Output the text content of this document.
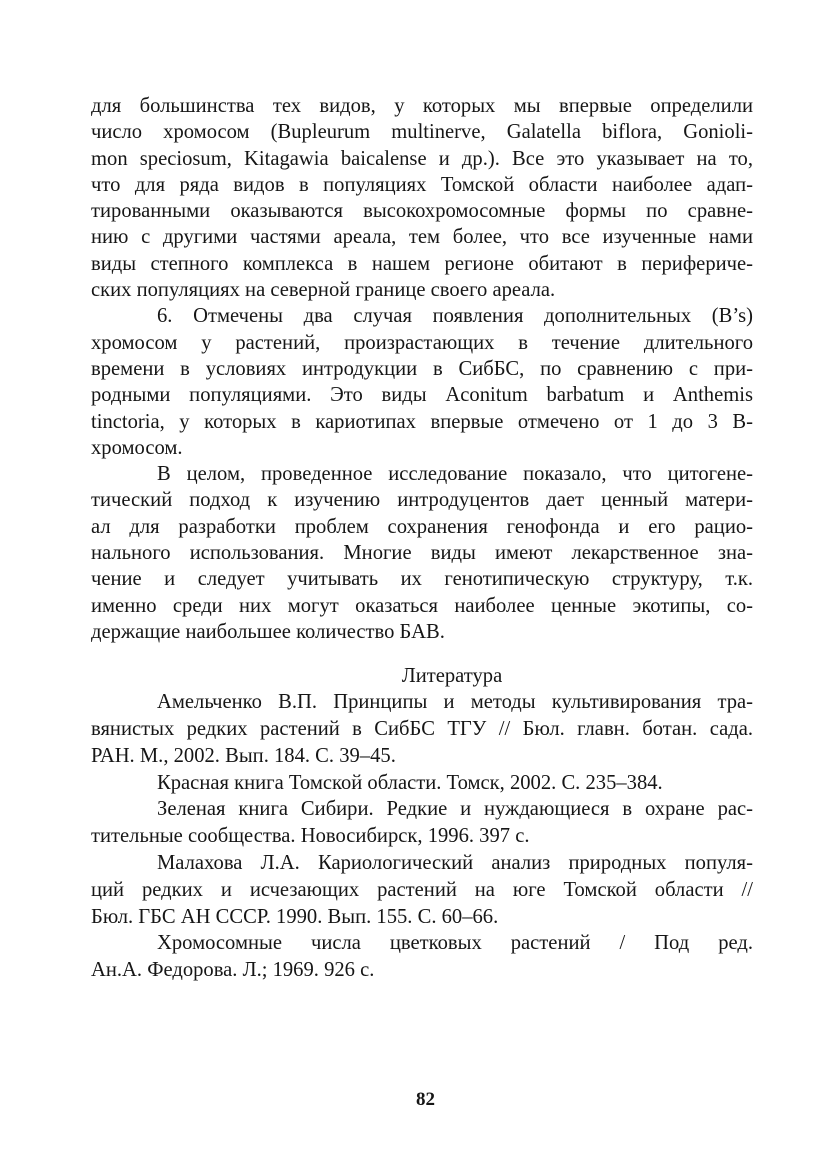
для большинства тех видов, у которых мы впервые определили
число хромосом (Bupleurum multinerve, Galatella biflora, Gonioli-
mon speciosum, Kitagawia baicalense и др.). Все это указывает на то,
что для ряда видов в популяциях Томской области наиболее адап-
тированными оказываются высокохромосомные формы по сравне-
нию с другими частями ареала, тем более, что все изученные нами
виды степного комплекса в нашем регионе обитают в перифериче-
ских популяциях на северной границе своего ареала.
6. Отмечены два случая появления дополнительных (B’s)
хромосом у растений, произрастающих в течение длительного
времени в условиях интродукции в СибБС, по сравнению с при-
родными популяциями. Это виды Aconitum barbatum и Anthemis
tinctoria, у которых в кариотипах впервые отмечено от 1 до 3 В-
хромосом.
В целом, проведенное исследование показало, что цитогене-
тический подход к изучению интродуцентов дает ценный матери-
ал для разработки проблем сохранения генофонда и его рацио-
нального использования. Многие виды имеют лекарственное зна-
чение и следует учитывать их генотипическую структуру, т.к.
именно среди них могут оказаться наиболее ценные экотипы, со-
держащие наибольшее количество БАВ.
Литература
Амельченко В.П. Принципы и методы культивирования тра-
вянистых редких растений в СибБС ТГУ // Бюл. главн. ботан. сада.
РАН. М., 2002. Вып. 184. С. 39–45.
Красная книга Томской области. Томск, 2002. С. 235–384.
Зеленая книга Сибири. Редкие и нуждающиеся в охране рас-
тительные сообщества. Новосибирск, 1996. 397 с.
Малахова Л.А. Кариологический анализ природных популя-
ций редких и исчезающих растений на юге Томской области //
Бюл. ГБС АН СССР. 1990. Вып. 155. С. 60–66.
Хромосомные числа цветковых растений / Под ред.
Ан.А. Федорова. Л.; 1969. 926 с.
82
